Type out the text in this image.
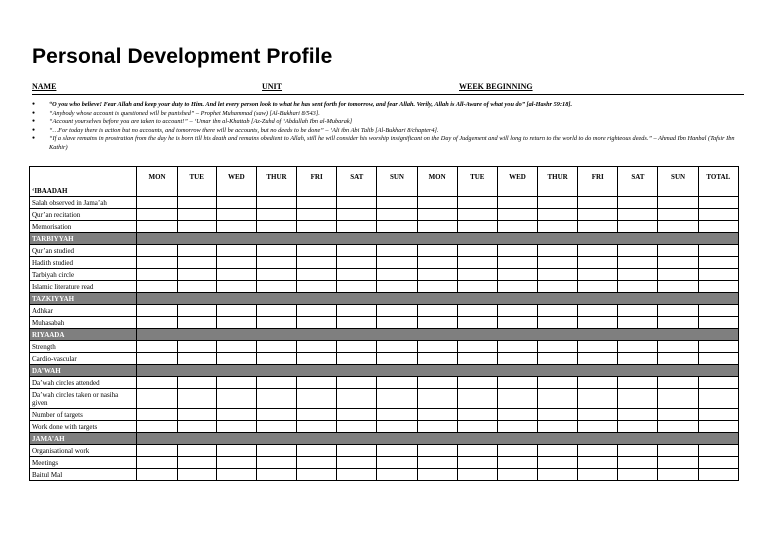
Personal Development Profile
NAME	UNIT	WEEK BEGINNING
● “O you who believe! Fear Allah and keep your duty to Him. And let every person look to what he has sent forth for tomorrow, and fear Allah. Verily, Allah is All-Aware of what you do” [al-Hashr 59:18].
● “Anybody whose account is questioned will be punished” – Prophet Muhammad (saw) [Al-Bukhari 8/543].
● “Account yourselves before you are taken to account!” – ‘Umar ibn al-Khattab [Az-Zuhd of ‘Abdullah Ibn al-Mubarak]
● “…For today there is action but no accounts, and tomorrow there will be accounts, but no deeds to be done” – ‘Ali ibn Abi Talib [Al-Bukhari 8/chapter4].
● “If a slave remains in prostration from the day he is born till his death and remains obedient to Allah, still he will consider his worship insignificant on the Day of Judgement and will long to return to the world to do more righteous deeds.” – Ahmad Ibn Hanbal (Tafsir Ibn Kathir)
‘IBAADAH	MON	TUE	WED	THUR	FRI	SAT	SUN	MON	TUE	WED	THUR	FRI	SAT	SUN	TOTAL
Salah observed in Jama’ah															
Qur’an recitation															
Memorisation															
TARBIYYAH															
Qur’an studied															
Hadith studied															
Tarbiyah circle															
Islamic literature read															
TAZKIYYAH															
Adhkar															
Muhasabah															
RIYAADA															
Strength															
Cardio-vascular															
DA’WAH															
Da’wah circles attended															
Da’wah circles taken or nasiha given															
Number of targets															
Work done with targets															
JAMA’AH															
Organisational work															
Meetings															
Baitul Mal															
